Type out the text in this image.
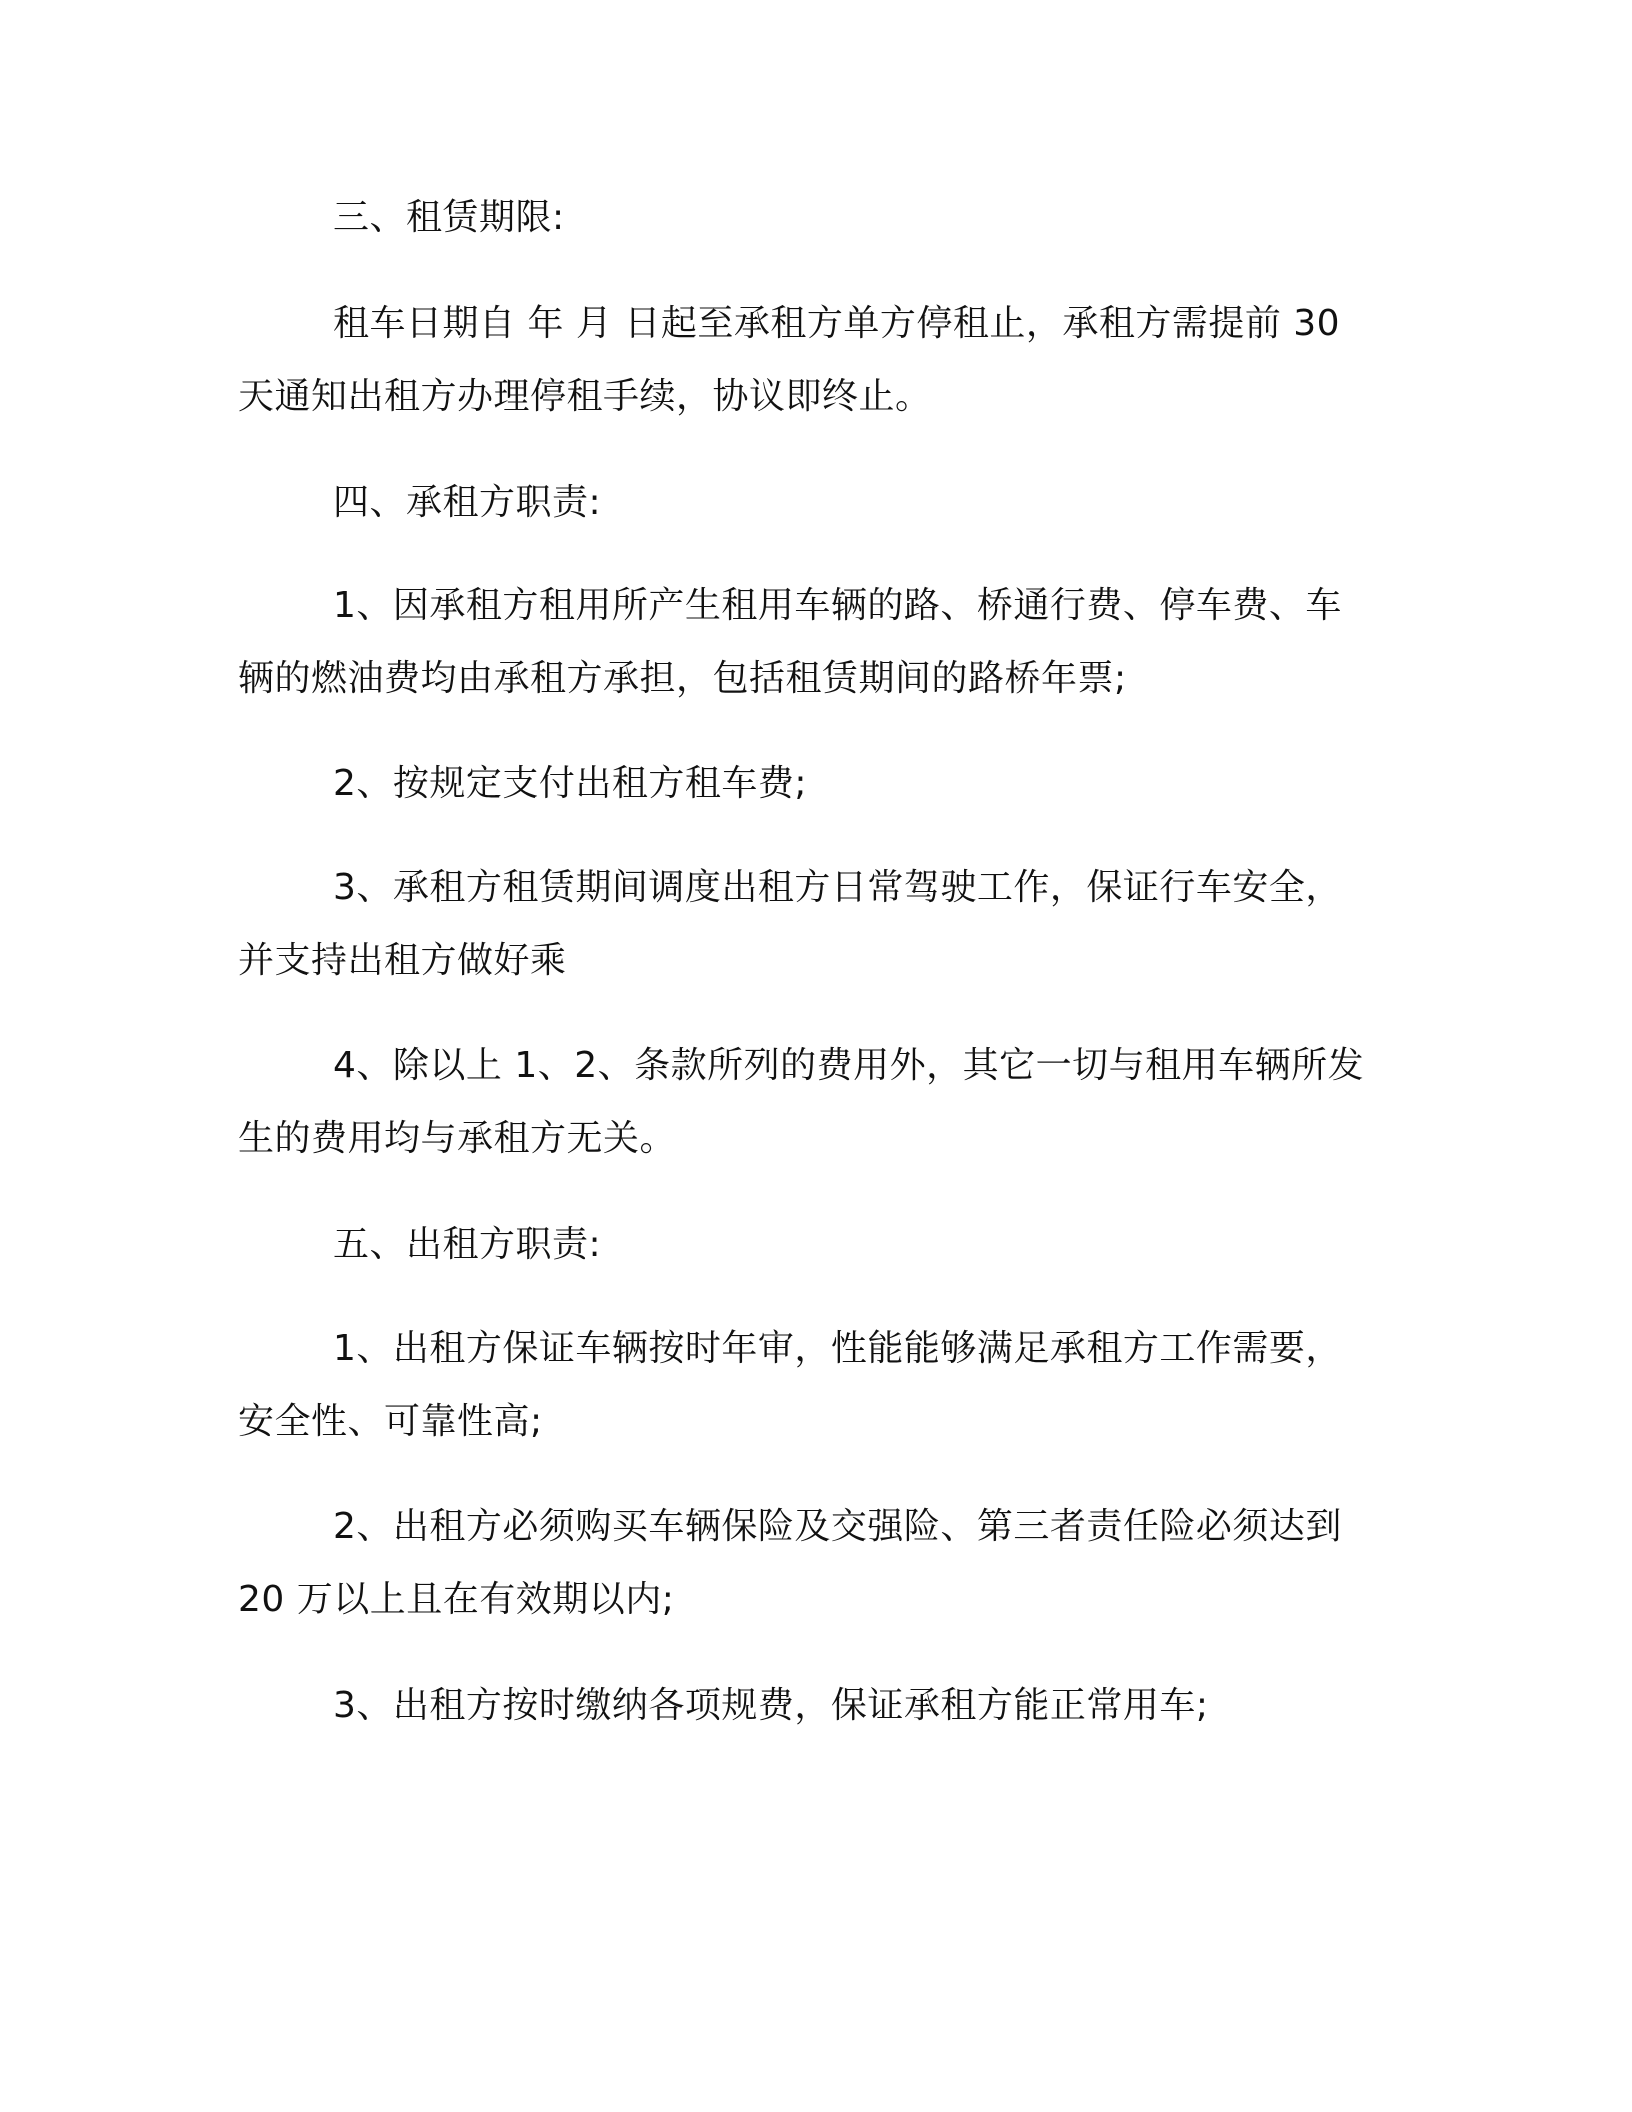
三、租赁期限:
租车日期自 年 月 日起至承租方单方停租止，承租方需提前 30
天通知出租方办理停租手续，协议即终止。
四、承租方职责:
1、因承租方租用所产生租用车辆的路、桥通行费、停车费、车
辆的燃油费均由承租方承担，包括租赁期间的路桥年票;
2、按规定支付出租方租车费;
3、承租方租赁期间调度出租方日常驾驶工作，保证行车安全，
并支持出租方做好乘
4、除以上 1、2、条款所列的费用外，其它一切与租用车辆所发
生的费用均与承租方无关。
五、出租方职责:
1、出租方保证车辆按时年审，性能能够满足承租方工作需要，
安全性、可靠性高;
2、出租方必须购买车辆保险及交强险、第三者责任险必须达到
20 万以上且在有效期以内;
3、出租方按时缴纳各项规费，保证承租方能正常用车;
